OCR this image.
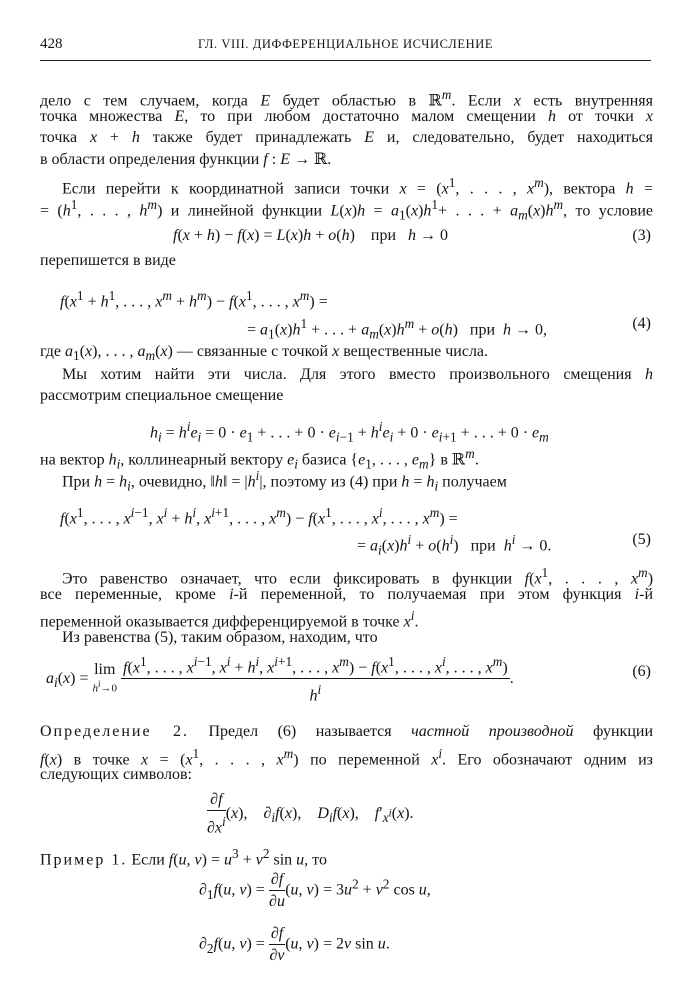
428	ГЛ. VIII. ДИФФЕРЕНЦИАЛЬНОЕ ИСЧИСЛЕНИЕ
дело с тем случаем, когда E будет областью в ℝ$^m$. Если x есть внутренняя
точка множества E, то при любом достаточно малом смещении h от точки x
точка x + h также будет принадлежать E и, следовательно, будет находиться
в области определения функции f : E → ℝ.
Если перейти к координатной записи точки $x = (x^1$, . . . , $x^m$), вектора h =
= ($h^1$, . . . , $h^m$) и линейной функции $L(x)h = a_1(x)h^1+$ . . . + $a_m(x)h^m$, то условие
f(x + h) − f(x) = L(x)h + o(h)    при   h → 0	(3)
перепишется в виде
$f(x^1 + h^1$, . . . , $x^m + h^m) - f(x^1$, . . . , $x^m$) =
= $a_1(x)h^1$ + . . . + $a_m(x)h^m + o(h)$   при  h → 0,	(4)
где $a_1(x)$, . . . , $a_m(x)$ — связанные с точкой x вещественные числа.
Мы хотим найти эти числа. Для этого вместо произвольного смещения h
рассмотрим специальное смещение
$h_i = h^ie_i = 0 \cdot e_1$ + . . . + $0 \cdot e_{i-1} + h^ie_i + 0 \cdot e_{i+1}$ + . . . + $0 \cdot e_m$
на вектор $h_i$, коллинеарный вектору $e_i$ базиса {$e_1$, . . . , $e_m$} в ℝ$^m$.
При $h = h_i$, очевидно, ‖h‖ = $|h^i|$, поэтому из (4) при $h = h_i$ получаем
$f(x^1$, . . . , $x^{i-1}$, $x^i + h^i$, $x^{i+1}$, . . . , $x^m) - f(x^1$, . . . , $x^i$, . . . , $x^m$) =
= $a_i(x)h^i + o(h^i)$   при  $h^i \to 0$.	(5)
Это равенство означает, что если фиксировать в функции $f(x^1$, . . . , $x^m$)
все переменные, кроме i-й переменной, то получаемая при этом функция i-й
переменной оказывается дифференцируемой в точке $x^i$.
Из равенства (5), таким образом, находим, что
$a_i(x) = \lim$
$h^i\to 0$

$f(x^1$, . . . , $x^{i-1}$, $x^i + h^i$, $x^{i+1}$, . . . , $x^m) - f(x^1$, . . . , $x^i$, . . . , $x^m$)
$h^i$
.	(6)
Определение 2. Предел (6) называется частной производной функции
f(x) в точке $x = (x^1$, . . . , $x^m$) по переменной $x^i$. Его обозначают одним из
следующих символов:
$\frac{\partial f}{\partial x^i} (x)$,    $\partial_if(x)$,    $D_if(x)$,    $f'_{x^i}(x)$.
Пример 1. Если f(u, $v) = u^3 + v^2$ sin u, то
$\partial_1f(u$, $v) = \frac{\partial f}{\partial u} (u$, $v) = 3u^2 + v^2$ cos u,
$\partial_2f(u$, $v) = \frac{\partial f}{\partial v} (u$, v) = 2v sin u.
